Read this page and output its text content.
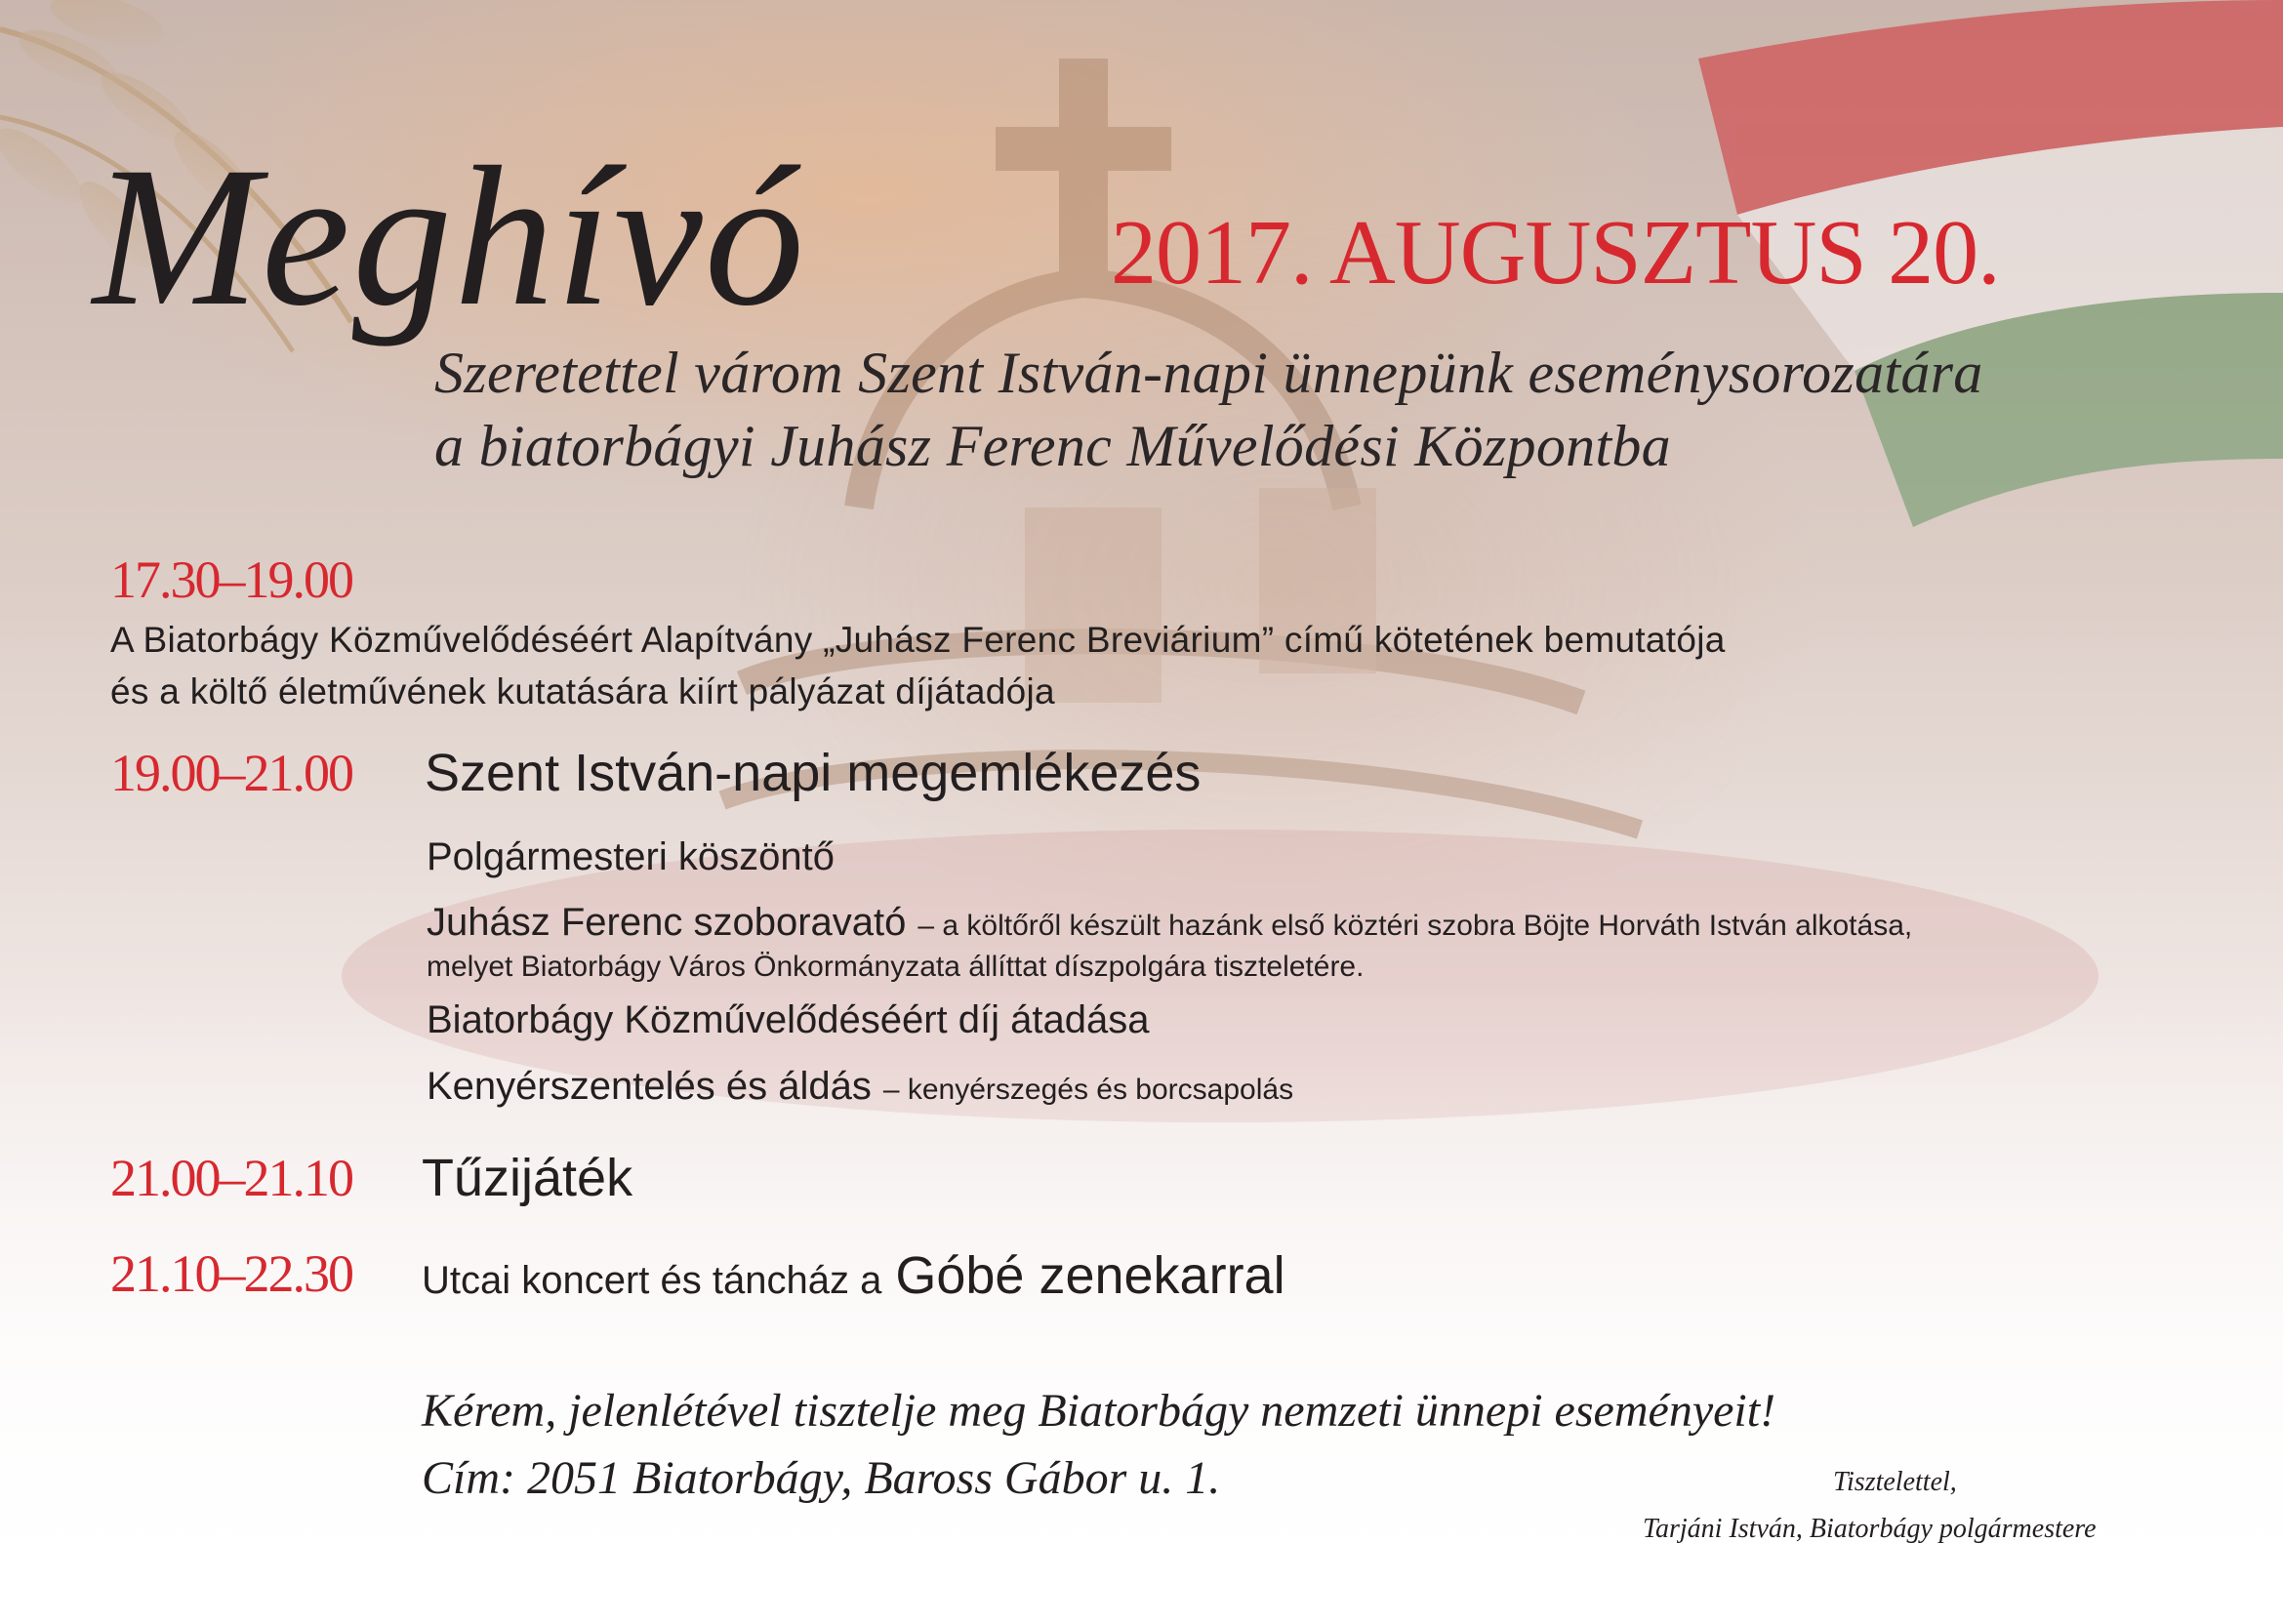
Meghívó	2017. AUGUSZTUS 20.
Szeretettel várom Szent István-napi ünnepünk eseménysorozatára
a biatorbágyi Juhász Ferenc Művelődési Központba
17.30–19.00
A Biatorbágy Közművelődéséért Alapítvány „Juhász Ferenc Breviárium” című kötetének bemutatója
és a költő életművének kutatására kiírt pályázat díjátadója
19.00–21.00 Szent István-napi megemlékezés
Polgármesteri köszöntő
Juhász Ferenc szoboravató – a költőről készült hazánk első köztéri szobra Böjte Horváth István alkotása,
melyet Biatorbágy Város Önkormányzata állíttat díszpolgára tiszteletére.
Biatorbágy Közművelődéséért díj átadása
Kenyérszentelés és áldás – kenyérszegés és borcsapolás
21.00–21.10 Tűzijáték
21.10–22.30 Utcai koncert és táncház a Góbé zenekarral
Kérem, jelenlétével tisztelje meg Biatorbágy nemzeti ünnepi eseményeit!
Cím: 2051 Biatorbágy, Baross Gábor u. 1.	Tisztelettel,
Tarjáni István, Biatorbágy polgármestere
